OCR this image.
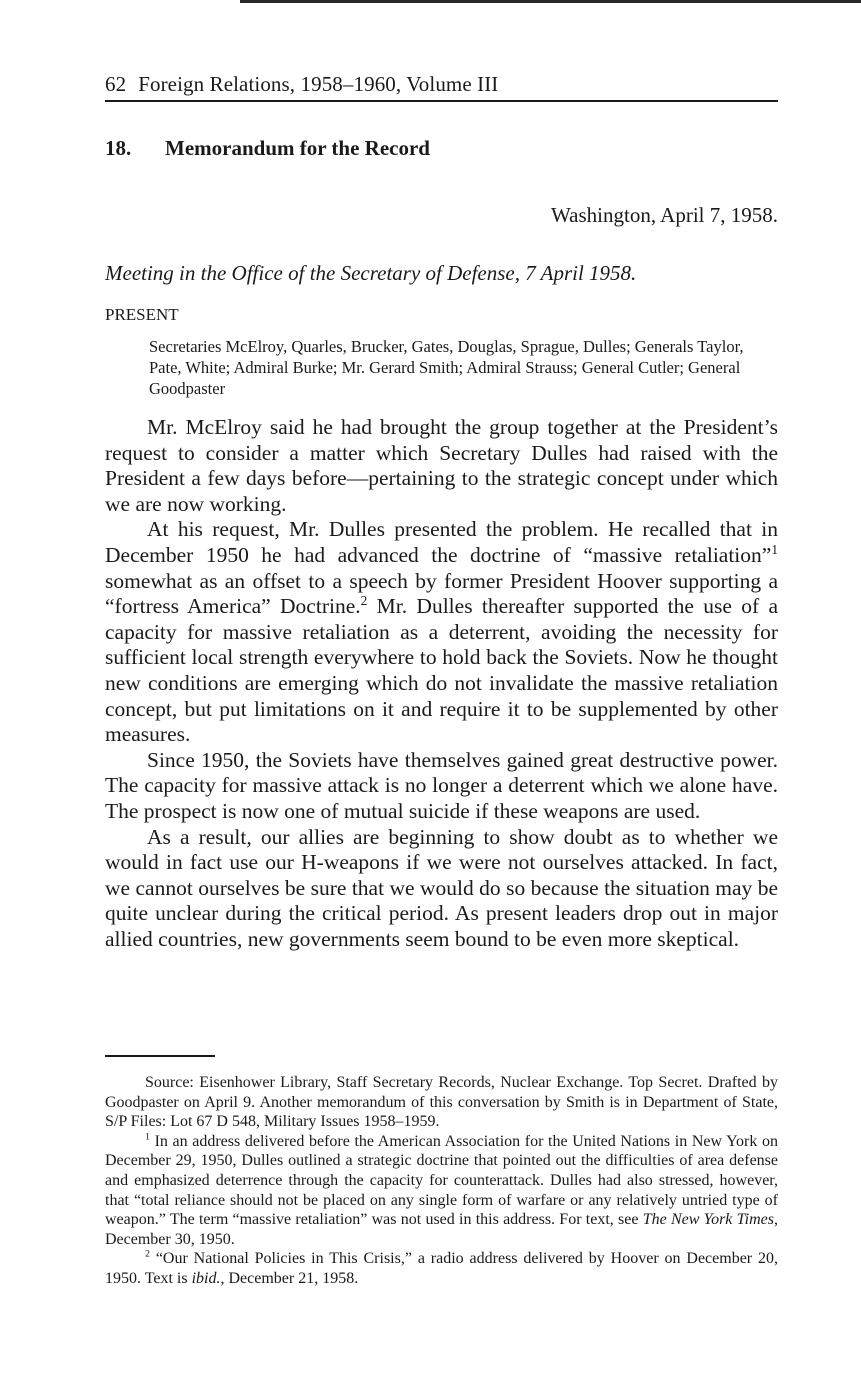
62 Foreign Relations, 1958–1960, Volume III
18. Memorandum for the Record
Washington, April 7, 1958.
Meeting in the Office of the Secretary of Defense, 7 April 1958.
PRESENT
Secretaries McElroy, Quarles, Brucker, Gates, Douglas, Sprague, Dulles; Generals Taylor, Pate, White; Admiral Burke; Mr. Gerard Smith; Admiral Strauss; General Cutler; General Goodpaster

Mr. McElroy said he had brought the group together at the President’s request to consider a matter which Secretary Dulles had raised with the President a few days before—pertaining to the strategic concept under which we are now working.

At his request, Mr. Dulles presented the problem. He recalled that in December 1950 he had advanced the doctrine of “massive retaliation”$^1$ somewhat as an offset to a speech by former President Hoover supporting a “fortress America” Doctrine.$^2$ Mr. Dulles thereafter supported the use of a capacity for massive retaliation as a deterrent, avoiding the necessity for sufficient local strength everywhere to hold back the Soviets. Now he thought new conditions are emerging which do not invalidate the massive retaliation concept, but put limitations on it and require it to be supplemented by other measures.

Since 1950, the Soviets have themselves gained great destructive power. The capacity for massive attack is no longer a deterrent which we alone have. The prospect is now one of mutual suicide if these weapons are used.

As a result, our allies are beginning to show doubt as to whether we would in fact use our H-weapons if we were not ourselves attacked. In fact, we cannot ourselves be sure that we would do so because the situation may be quite unclear during the critical period. As present leaders drop out in major allied countries, new governments seem bound to be even more skeptical.

Source: Eisenhower Library, Staff Secretary Records, Nuclear Exchange. Top Secret. Drafted by Goodpaster on April 9. Another memorandum of this conversation by Smith is in Department of State, S/P Files: Lot 67 D 548, Military Issues 1958–1959.

$^1$ In an address delivered before the American Association for the United Nations in New York on December 29, 1950, Dulles outlined a strategic doctrine that pointed out the difficulties of area defense and emphasized deterrence through the capacity for counterattack. Dulles had also stressed, however, that “total reliance should not be placed on any single form of warfare or any relatively untried type of weapon.” The term “massive retaliation” was not used in this address. For text, see The New York Times, December 30, 1950.

$^2$ “Our National Policies in This Crisis,” a radio address delivered by Hoover on December 20, 1950. Text is ibid., December 21, 1958.
